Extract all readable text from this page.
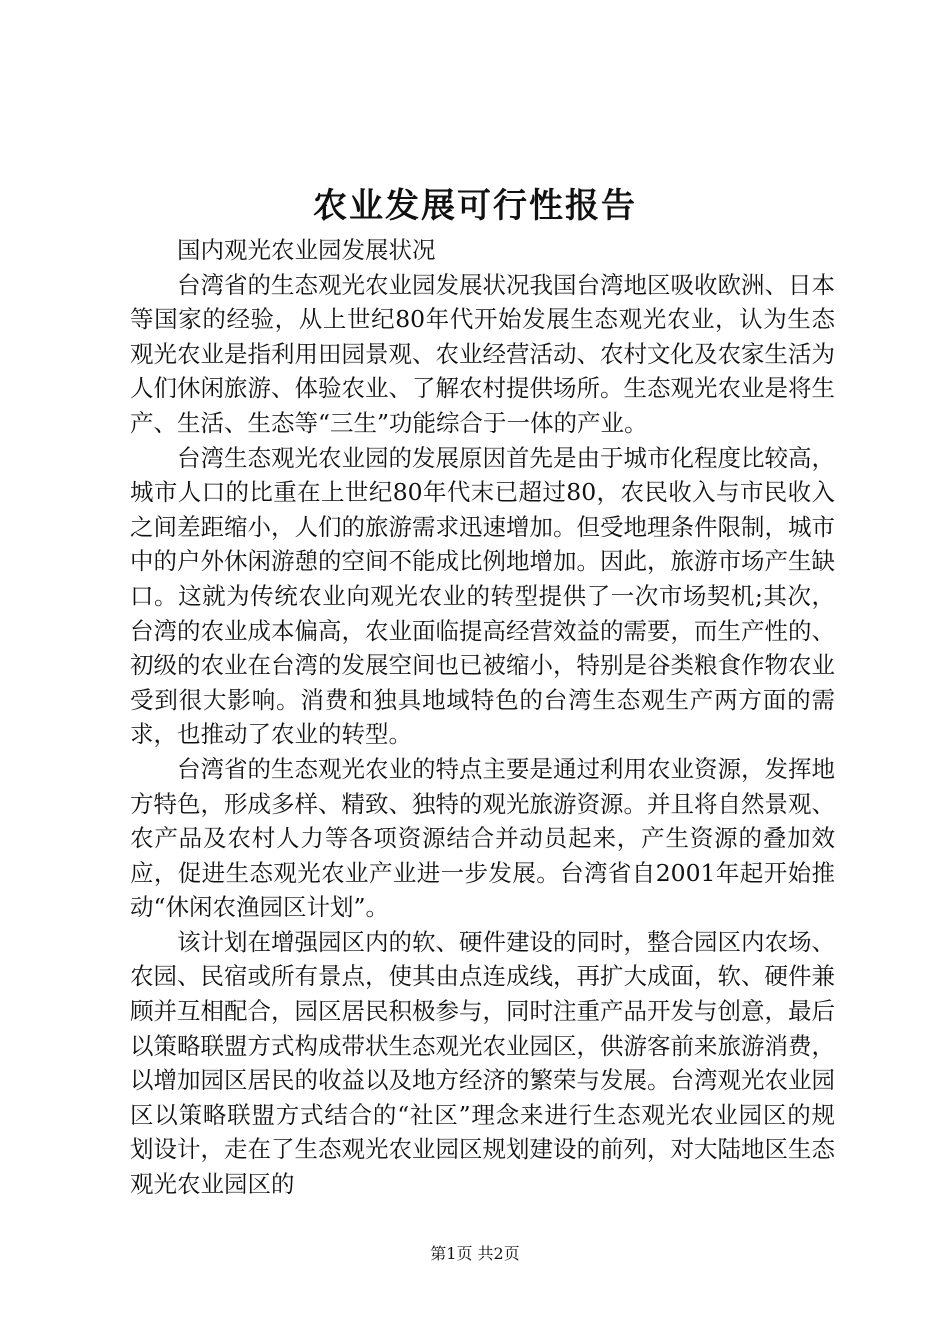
农业发展可行性报告

国内观光农业园发展状况

台湾省的生态观光农业园发展状况我国台湾地区吸收欧洲、日本等国家的经验，从上世纪80年代开始发展生态观光农业，认为生态观光农业是指利用田园景观、农业经营活动、农村文化及农家生活为人们休闲旅游、体验农业、了解农村提供场所。生态观光农业是将生产、生活、生态等“三生”功能综合于一体的产业。

台湾生态观光农业园的发展原因首先是由于城市化程度比较高，城市人口的比重在上世纪80年代末已超过80，农民收入与市民收入之间差距缩小，人们的旅游需求迅速增加。但受地理条件限制，城市中的户外休闲游憩的空间不能成比例地增加。因此，旅游市场产生缺口。这就为传统农业向观光农业的转型提供了一次市场契机;其次，台湾的农业成本偏高，农业面临提高经营效益的需要，而生产性的、初级的农业在台湾的发展空间也已被缩小，特别是谷类粮食作物农业受到很大影响。消费和独具地域特色的台湾生态观生产两方面的需求，也推动了农业的转型。

台湾省的生态观光农业的特点主要是通过利用农业资源，发挥地方特色，形成多样、精致、独特的观光旅游资源。并且将自然景观、农产品及农村人力等各项资源结合并动员起来，产生资源的叠加效应，促进生态观光农业产业进一步发展。台湾省自2001年起开始推动“休闲农渔园区计划”。

该计划在增强园区内的软、硬件建设的同时，整合园区内农场、农园、民宿或所有景点，使其由点连成线，再扩大成面，软、硬件兼顾并互相配合，园区居民积极参与，同时注重产品开发与创意，最后以策略联盟方式构成带状生态观光农业园区，供游客前来旅游消费，以增加园区居民的收益以及地方经济的繁荣与发展。台湾观光农业园区以策略联盟方式结合的“社区”理念来进行生态观光农业园区的规划设计，走在了生态观光农业园区规划建设的前列，对大陆地区生态观光农业园区的

第1页 共2页
